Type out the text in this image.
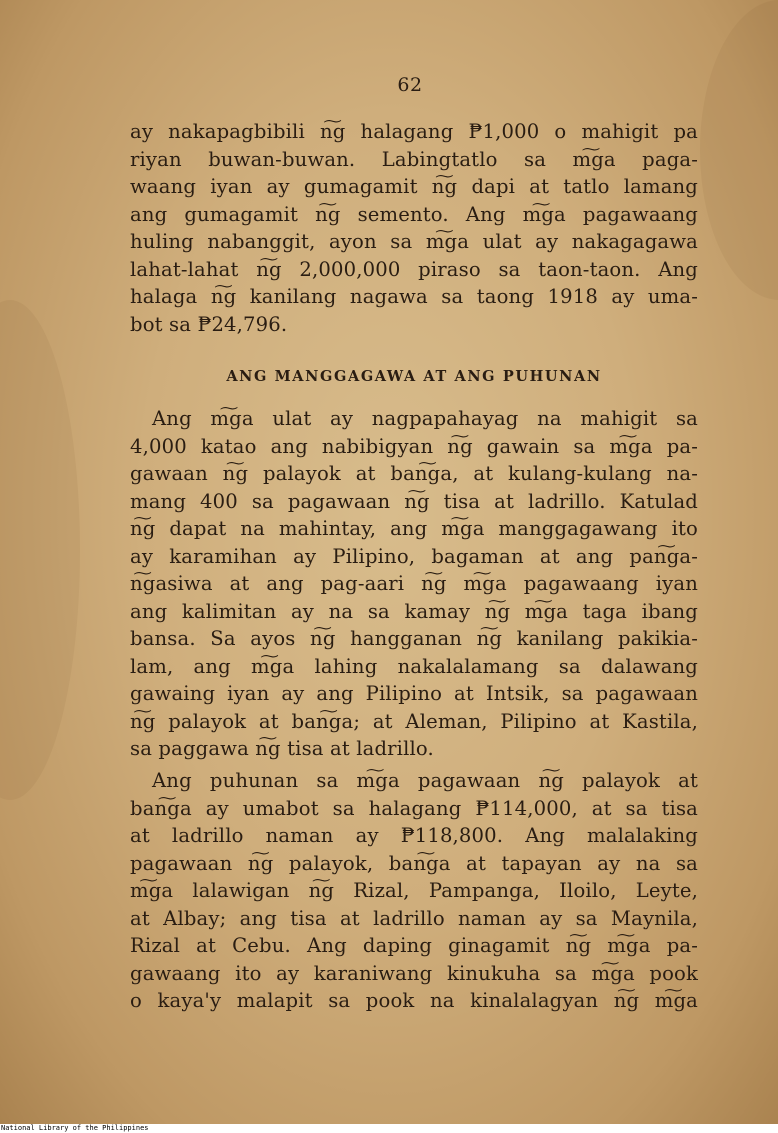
62
ay nakapagbibili n͠g halagang ₱1,000 o mahigit pa
riyan buwan-buwan. Labingtatlo sa m͠ga paga-
waang iyan ay gumagamit n͠g dapi at tatlo lamang
ang gumagamit n͠g semento. Ang m͠ga pagawaang
huling nabanggit, ayon sa m͠ga ulat ay nakagagawa
lahat-lahat n͠g 2,000,000 piraso sa taon-taon. Ang
halaga n͠g kanilang nagawa sa taong 1918 ay uma-
bot sa ₱24,796.
ANG MANGGAGAWA AT ANG PUHUNAN
Ang m͠ga ulat ay nagpapahayag na mahigit sa
4,000 katao ang nabibigyan n͠g gawain sa m͠ga pa-
gawaan n͠g palayok at ban͠ga, at kulang-kulang na-
mang 400 sa pagawaan n͠g tisa at ladrillo. Katulad
n͠g dapat na mahintay, ang m͠ga manggagawang ito
ay karamihan ay Pilipino, bagaman at ang pan͠ga-
n͠gasiwa at ang pag-aari n͠g m͠ga pagawaang iyan
ang kalimitan ay na sa kamay n͠g m͠ga taga ibang
bansa. Sa ayos n͠g hangganan n͠g kanilang pakikia-
lam, ang m͠ga lahing nakalalamang sa dalawang
gawaing iyan ay ang Pilipino at Intsik, sa pagawaan
n͠g palayok at ban͠ga; at Aleman, Pilipino at Kastila,
sa paggawa n͠g tisa at ladrillo.
Ang puhunan sa m͠ga pagawaan n͠g palayok at
ban͠ga ay umabot sa halagang ₱114,000, at sa tisa
at ladrillo naman ay ₱118,800. Ang malalaking
pagawaan n͠g palayok, ban͠ga at tapayan ay na sa
m͠ga lalawigan n͠g Rizal, Pampanga, Iloilo, Leyte,
at Albay; ang tisa at ladrillo naman ay sa Maynila,
Rizal at Cebu. Ang daping ginagamit n͠g m͠ga pa-
gawaang ito ay karaniwang kinukuha sa m͠ga pook
o kaya'y malapit sa pook na kinalalagyan n͠g m͠ga
National Library of the Philippines
